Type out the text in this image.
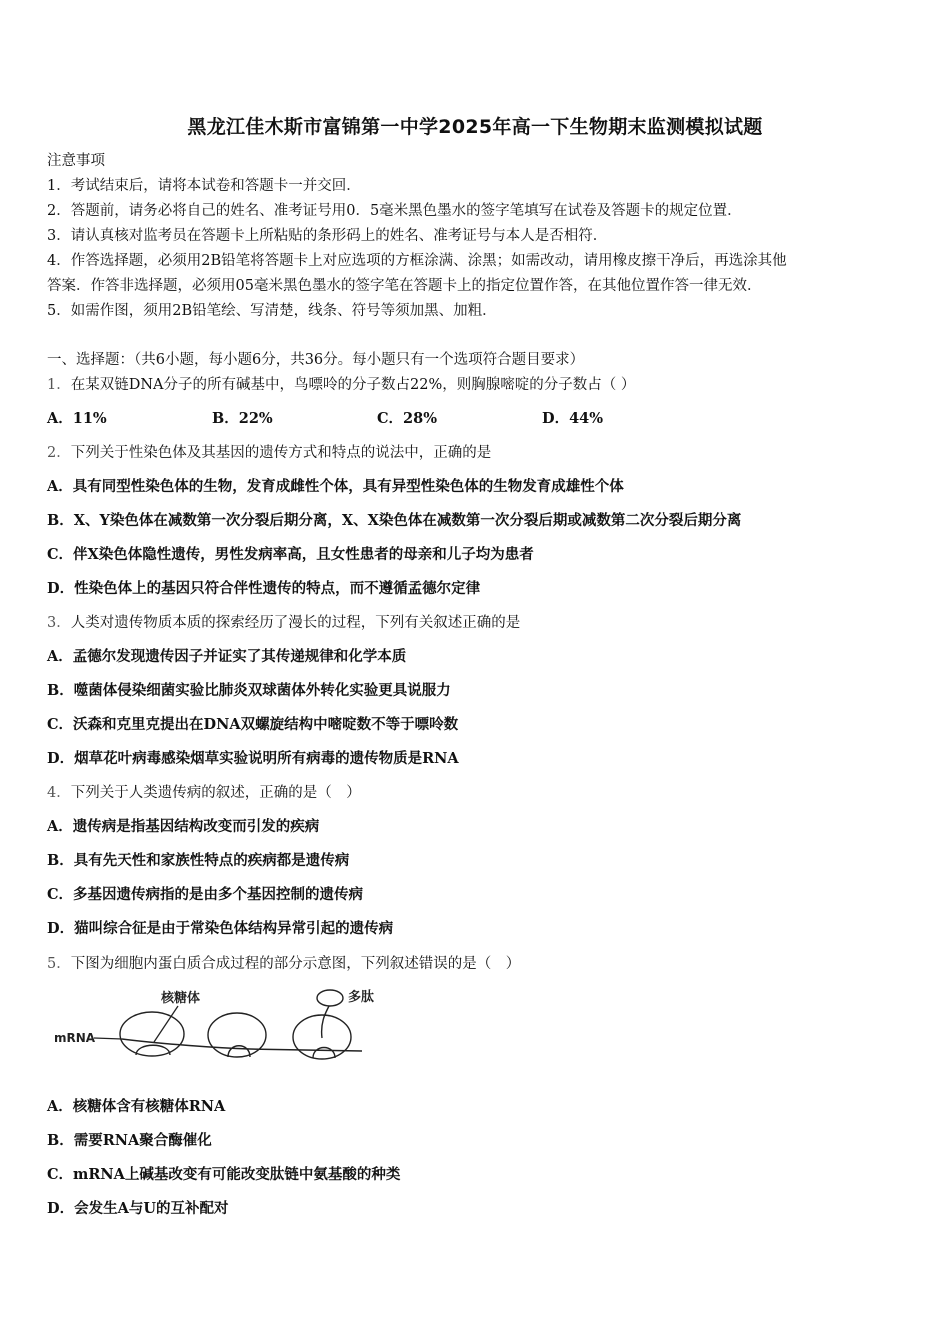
黑龙江佳木斯市富锦第一中学2025年高一下生物期末监测模拟试题
注意事项
1．考试结束后，请将本试卷和答题卡一并交回．
2．答题前，请务必将自己的姓名、准考证号用0．5毫米黑色墨水的签字笔填写在试卷及答题卡的规定位置．
3．请认真核对监考员在答题卡上所粘贴的条形码上的姓名、准考证号与本人是否相符．
4．作答选择题，必须用2B铅笔将答题卡上对应选项的方框涂满、涂黑；如需改动，请用橡皮擦干净后，再选涂其他
答案．作答非选择题，必须用05毫米黑色墨水的签字笔在答题卡上的指定位置作答，在其他位置作答一律无效．
5．如需作图，须用2B铅笔绘、写清楚，线条、符号等须加黑、加粗．
一、选择题：（共6小题，每小题6分，共36分。每小题只有一个选项符合题目要求）
1．在某双链DNA分子的所有碱基中，鸟嘌呤的分子数占22%，则胸腺嘧啶的分子数占（ ）
A．11%	B．22%	C．28%	D．44%
2．下列关于性染色体及其基因的遗传方式和特点的说法中，正确的是
A．具有同型性染色体的生物，发育成雌性个体，具有异型性染色体的生物发育成雄性个体
B．X、Y染色体在减数第一次分裂后期分离，X、X染色体在减数第一次分裂后期或减数第二次分裂后期分离
C．伴X染色体隐性遗传，男性发病率高，且女性患者的母亲和儿子均为患者
D．性染色体上的基因只符合伴性遗传的特点，而不遵循孟德尔定律
3．人类对遗传物质本质的探索经历了漫长的过程，下列有关叙述正确的是
A．孟德尔发现遗传因子并证实了其传递规律和化学本质
B．噬菌体侵染细菌实验比肺炎双球菌体外转化实验更具说服力
C．沃森和克里克提出在DNA双螺旋结构中嘧啶数不等于嘌呤数
D．烟草花叶病毒感染烟草实验说明所有病毒的遗传物质是RNA
4．下列关于人类遗传病的叙述，正确的是（　）
A．遗传病是指基因结构改变而引发的疾病
B．具有先天性和家族性特点的疾病都是遗传病
C．多基因遗传病指的是由多个基因控制的遗传病
D．猫叫综合征是由于常染色体结构异常引起的遗传病
5．下图为细胞内蛋白质合成过程的部分示意图，下列叙述错误的是（　）
核糖体	多肽
mRNA
A．核糖体含有核糖体RNA
B．需要RNA聚合酶催化
C．mRNA上碱基改变有可能改变肽链中氨基酸的种类
D．会发生A与U的互补配对
